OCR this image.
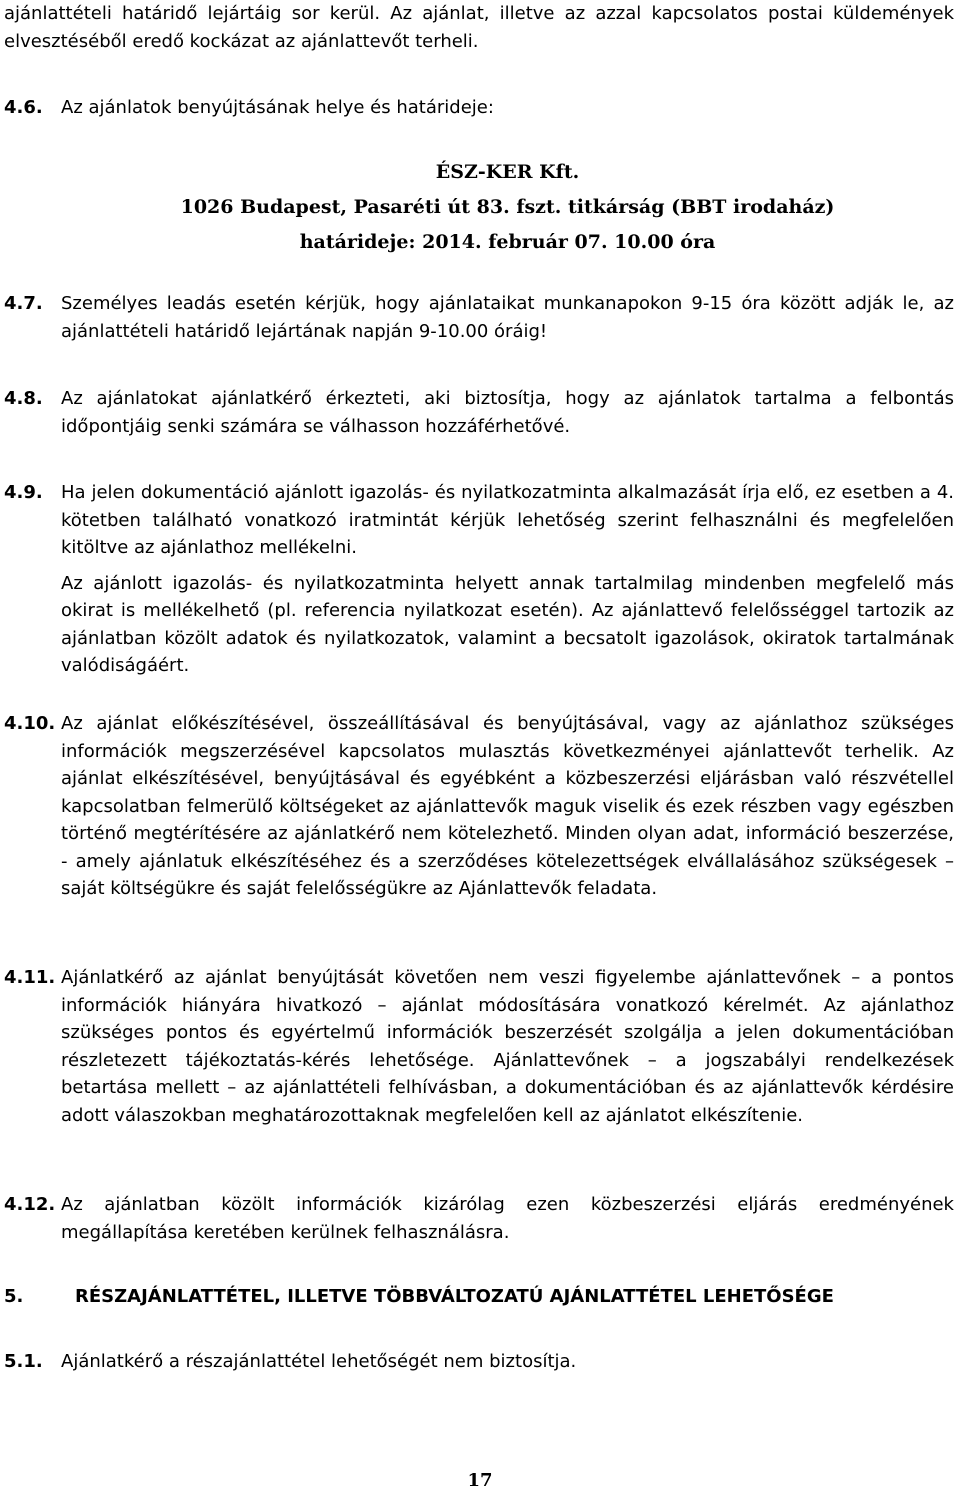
ajánlattételi határidő lejártáig sor kerül. Az ajánlat, illetve az azzal kapcsolatos postai küldemények elvesztéséből eredő kockázat az ajánlattevőt terheli.
4.6. Az ajánlatok benyújtásának helye és határideje:
ÉSZ-KER Kft.
1026 Budapest, Pasaréti út 83. fszt. titkárság (BBT irodaház)
határideje: 2014. február 07. 10.00 óra
4.7. Személyes leadás esetén kérjük, hogy ajánlataikat munkanapokon 9-15 óra között adják le, az ajánlattételi határidő lejártának napján 9-10.00 óráig!
4.8. Az ajánlatokat ajánlatkérő érkezteti, aki biztosítja, hogy az ajánlatok tartalma a felbontás időpontjáig senki számára se válhasson hozzáférhetővé.
4.9. Ha jelen dokumentáció ajánlott igazolás- és nyilatkozatminta alkalmazását írja elő, ez esetben a 4. kötetben található vonatkozó iratmintát kérjük lehetőség szerint felhasználni és megfelelően kitöltve az ajánlathoz mellékelni.

Az ajánlott igazolás- és nyilatkozatminta helyett annak tartalmilag mindenben megfelelő más okirat is mellékelhető (pl. referencia nyilatkozat esetén). Az ajánlattevő felelősséggel tartozik az ajánlatban közölt adatok és nyilatkozatok, valamint a becsatolt igazolások, okiratok tartalmának valódiságáért.

4.10. Az ajánlat előkészítésével, összeállításával és benyújtásával, vagy az ajánlathoz szükséges információk megszerzésével kapcsolatos mulasztás következményei ajánlattevőt terhelik. Az ajánlat elkészítésével, benyújtásával és egyébként a közbeszerzési eljárásban való részvétellel kapcsolatban felmerülő költségeket az ajánlattevők maguk viselik és ezek részben vagy egészben történő megtérítésére az ajánlatkérő nem kötelezhető. Minden olyan adat, információ beszerzése, - amely ajánlatuk elkészítéséhez és a szerződéses kötelezettségek elvállalásához szükségesek – saját költségükre és saját felelősségükre az Ajánlattevők feladata.
4.11. Ajánlatkérő az ajánlat benyújtását követően nem veszi figyelembe ajánlattevőnek – a pontos információk hiányára hivatkozó – ajánlat módosítására vonatkozó kérelmét. Az ajánlathoz szükséges pontos és egyértelmű információk beszerzését szolgálja a jelen dokumentációban részletezett tájékoztatás-kérés lehetősége. Ajánlattevőnek – a jogszabályi rendelkezések betartása mellett – az ajánlattételi felhívásban, a dokumentációban és az ajánlattevők kérdésire adott válaszokban meghatározottaknak megfelelően kell az ajánlatot elkészítenie.
4.12. Az ajánlatban közölt információk kizárólag ezen közbeszerzési eljárás eredményének megállapítása keretében kerülnek felhasználásra.
5.	RÉSZAJÁNLATTÉTEL, ILLETVE TÖBBVÁLTOZATÚ AJÁNLATTÉTEL LEHETŐSÉGE
5.1. Ajánlatkérő a részajánlattétel lehetőségét nem biztosítja.
17
